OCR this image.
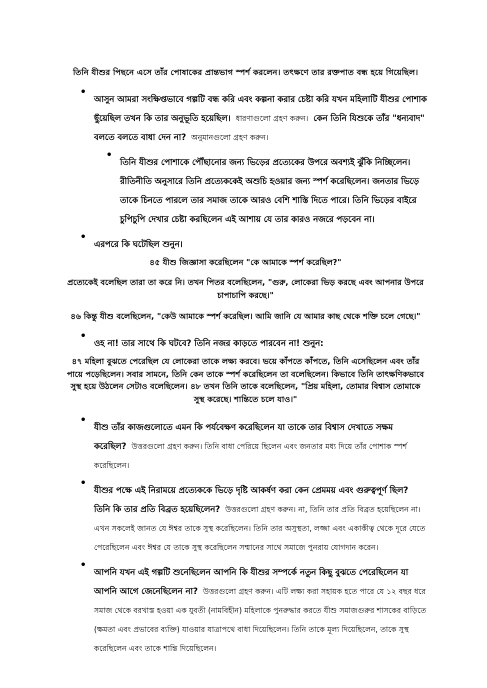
তিনি যীশুর পিছনে এসে তাঁর পোষাকের প্রান্তভাগ স্পর্শ করলেন। তৎক্ষণে তার রক্তপাত বন্ধ হয়ে গিয়েছিল।

• আসুন আমরা সংক্ষিপ্তভাবে গল্পটি বন্ধ করি এবং কল্পনা করার চেষ্টা করি যখন মহিলাটি যীশুর পোশাক ছুঁয়েছিল তখন কি তার অনুভূতি হয়েছিল। ধারণাগুলো গ্রহণ করুন। কেন তিনি যিশুকে তাঁর "ধন্যবাদ" বলতে বলতে বাধা দেন না? অনুমানগুলো গ্রহণ করুন।
• তিনি যীশুর পোশাকে পৌঁছানোর জন্য ভিড়ের প্রত্যেকের উপরে অবশ্যই ঝুঁকি নিচ্ছিলেন। রীতিনীতি অনুসারে তিনি প্রত্যেককেই অশুচি হওয়ার জন্য স্পর্শ করেছিলেন। জনতার ভিড়ে তাকে চিনতে পারলে তার সমাজ তাকে আরও বেশি শাস্তি দিতে পারে। তিনি ভিড়ের বাইরে চুপিচুপি দেখার চেষ্টা করছিলেন এই আশায় যে তার কারও নজরে পড়বেন না।
• এরপরে কি ঘটেছিল শুনুন।

৪৫ যীশু জিজ্ঞাসা করেছিলেন "কে আমাকে স্পর্শ করেছিল?"

প্রত্যেকেই বলেছিল তারা তা করে নি। তখন পিতর বলেছিলেন, "গুরু, লোকেরা ভিড় করছে এবং আপনার উপরে চাপাচাপি করছে।"

৪৬ কিন্তু যীশু বলেছিলেন, "কেউ আমাকে স্পর্শ করেছিল। আমি জানি যে আমার কাছ থেকে শক্তি চলে গেছে।"

• ওহ না! তার সাথে কি ঘটবে? তিনি নজর কাড়তে পারবেন না! শুনুন:

৪৭ মহিলা বুঝতে পেরেছিল যে লোকেরা তাকে লক্ষ্য করবে। ভয়ে কাঁপতে কাঁপতে, তিনি এসেছিলেন এবং তাঁর পায়ে পড়েছিলেন। সবার সামনে, তিনি কেন তাকে স্পর্শ করেছিলেন তা বলেছিলেন। কিভাবে তিনি তাৎক্ষণিকভাবে সুস্থ হয়ে উঠলেন সেটাও বলেছিলেন। ৪৮ তখন তিনি তাকে বলেছিলেন, "প্রিয় মহিলা, তোমার বিশ্বাস তোমাকে সুস্থ করেছে। শান্তিতে চলে যাও।"

• যীশু তাঁর কাজগুলোতে এমন কি পর্যবেক্ষণ করেছিলেন যা তাকে তার বিশ্বাস দেখাতে সক্ষম করেছিল? উত্তরগুলো গ্রহণ করুন। তিনি বাধা পেরিয়ে ছিলেন এবং জনতার মধ্য দিয়ে তাঁর পোশাক স্পর্শ করেছিলেন।
• যীশুর পক্ষে এই নিরাময়ে প্রত্যেককে ভিড়ে দৃষ্টি আকর্ষণ করা কেন প্রেমময় এবং গুরুত্বপূর্ণ ছিল? তিনি কি তার প্রতি বিব্রত হয়েছিলেন? উত্তরগুলো গ্রহণ করুন। না, তিনি তার প্রতি বিব্রত হয়েছিলেন না। এখন সকলেই জানত যে ঈশ্বর তাকে সুস্থ করেছিলেন। তিনি তার অসুস্থতা, লজ্জা এবং একাকীত্ব থেকে দূরে যেতে পেরেছিলেন এবং ঈশ্বর যে তাকে সুস্থ করেছিলেন সম্মানের সাথে সমাজে পুনরায় যোগদান করেন।
• আপনি যখন এই গল্পটি শুনেছিলেন আপনি কি যীশুর সম্পর্কে নতুন কিছু বুঝতে পেরেছিলেন যা আপনি আগে জেনেছিলেন না? উত্তরগুলো গ্রহণ করুন। এটি লক্ষ্য করা সহায়ক হতে পারে যে ১২ বছর ধরে সমাজ থেকে বরখাস্ত হওয়া এক যুবতী (নামবিহীন) মহিলাকে পুনরুদ্ধার করতে যীশু সমাজগুরুর শাসকের বাড়িতে (ক্ষমতা এবং প্রভাবের ব্যক্তি) যাওয়ার যাত্রাপথে বাধা দিয়েছিলেন। তিনি তাকে মূল্য দিয়েছিলেন, তাকে সুস্থ করেছিলেন এবং তাকে শান্তি দিয়েছিলেন।
